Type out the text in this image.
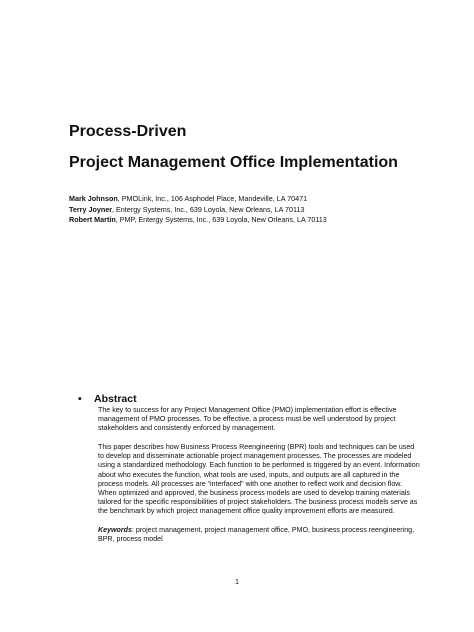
Process-Driven
Project Management Office Implementation
Mark Johnson, PMOLink, Inc., 106 Asphodel Place, Mandeville, LA 70471
Terry Joyner, Entergy Systems, Inc., 639 Loyola, New Orleans, LA 70113
Robert Martin, PMP, Entergy Systems, Inc., 639 Loyola, New Orleans, LA 70113
• Abstract

The key to success for any Project Management Office (PMO) implementation effort is effective management of PMO processes. To be effective, a process must be well understood by project stakeholders and consistently enforced by management.

This paper describes how Business Process Reengineering (BPR) tools and techniques can be used to develop and disseminate actionable project management processes. The processes are modeled using a standardized methodology. Each function to be performed is triggered by an event. Information about who executes the function, what tools are used, inputs, and outputs are all captured in the process models. All processes are “interfaced” with one another to reflect work and decision flow. When optimized and approved, the business process models are used to develop training materials tailored for the specific responsibilities of project stakeholders. The business process models serve as the benchmark by which project management office quality improvement efforts are measured.

Keywords: project management, project management office, PMO, business process reengineering, BPR, process model

1
